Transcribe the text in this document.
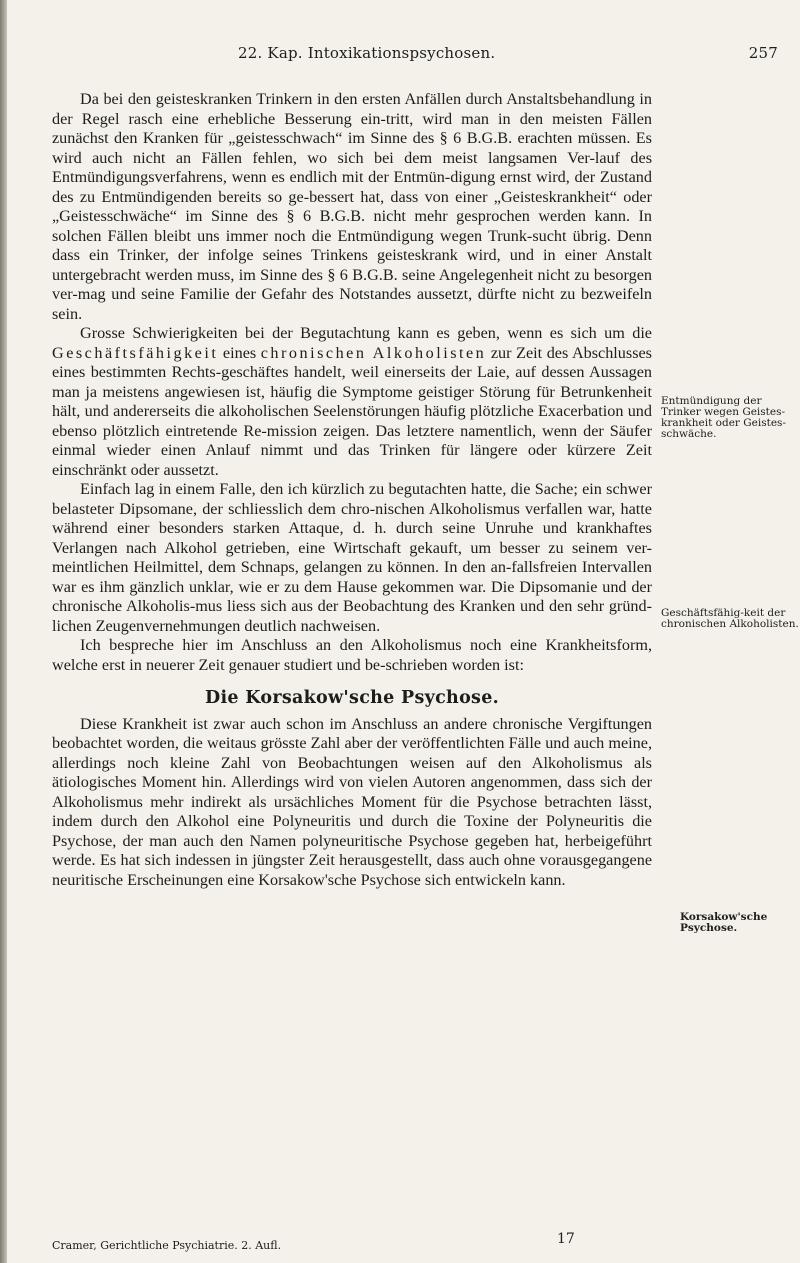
22. Kap. Intoxikationspsychosen.	257

Da bei den geisteskranken Trinkern in den ersten Anfällen durch Anstaltsbehandlung in der Regel rasch eine erhebliche Besserung ein-tritt, wird man in den meisten Fällen zunächst den Kranken für „geistesschwach“ im Sinne des § 6 B.G.B. erachten müssen. Es wird auch nicht an Fällen fehlen, wo sich bei dem meist langsamen Ver-lauf des Entmündigungsverfahrens, wenn es endlich mit der Entmün-digung ernst wird, der Zustand des zu Entmündigenden bereits so ge-bessert hat, dass von einer „Geisteskrankheit“ oder „Geistesschwäche“ im Sinne des § 6 B.G.B. nicht mehr gesprochen werden kann. In solchen Fällen bleibt uns immer noch die Entmündigung wegen Trunk-sucht übrig. Denn dass ein Trinker, der infolge seines Trinkens geisteskrank wird, und in einer Anstalt untergebracht werden muss, im Sinne des § 6 B.G.B. seine Angelegenheit nicht zu besorgen ver-mag und seine Familie der Gefahr des Notstandes aussetzt, dürfte nicht zu bezweifeln sein.

Grosse Schwierigkeiten bei der Begutachtung kann es geben, wenn es sich um die Geschäftsfähigkeit eines chronischen Alkoholisten zur Zeit des Abschlusses eines bestimmten Rechts-geschäftes handelt, weil einerseits der Laie, auf dessen Aussagen man ja meistens angewiesen ist, häufig die Symptome geistiger Störung für Betrunkenheit hält, und andererseits die alkoholischen Seelenstörungen häufig plötzliche Exacerbation und ebenso plötzlich eintretende Re-mission zeigen. Das letztere namentlich, wenn der Säufer einmal wieder einen Anlauf nimmt und das Trinken für längere oder kürzere Zeit einschränkt oder aussetzt.

Einfach lag in einem Falle, den ich kürzlich zu begutachten hatte, die Sache; ein schwer belasteter Dipsomane, der schliesslich dem chro-nischen Alkoholismus verfallen war, hatte während einer besonders starken Attaque, d. h. durch seine Unruhe und krankhaftes Verlangen nach Alkohol getrieben, eine Wirtschaft gekauft, um besser zu seinem ver-meintlichen Heilmittel, dem Schnaps, gelangen zu können. In den an-fallsfreien Intervallen war es ihm gänzlich unklar, wie er zu dem Hause gekommen war. Die Dipsomanie und der chronische Alkoholis-mus liess sich aus der Beobachtung des Kranken und den sehr gründ-lichen Zeugenvernehmungen deutlich nachweisen.

Ich bespreche hier im Anschluss an den Alkoholismus noch eine Krankheitsform, welche erst in neuerer Zeit genauer studiert und be-schrieben worden ist:

Die Korsakow'sche Psychose.

Diese Krankheit ist zwar auch schon im Anschluss an andere chronische Vergiftungen beobachtet worden, die weitaus grösste Zahl aber der veröffentlichten Fälle und auch meine, allerdings noch kleine Zahl von Beobachtungen weisen auf den Alkoholismus als ätiologisches Moment hin. Allerdings wird von vielen Autoren angenommen, dass sich der Alkoholismus mehr indirekt als ursächliches Moment für die Psychose betrachten lässt, indem durch den Alkohol eine Polyneuritis und durch die Toxine der Polyneuritis die Psychose, der man auch den Namen polyneuritische Psychose gegeben hat, herbeigeführt werde. Es hat sich indessen in jüngster Zeit herausgestellt, dass auch ohne vorausgegangene neuritische Erscheinungen eine Korsakow'sche Psychose sich entwickeln kann.

Entmündigung der Trinker wegen Geistes-krankheit oder Geistes-schwäche.
Geschäftsfähig-keit der chronischen Alkoholisten.
Korsakow'sche Psychose.
Cramer, Gerichtliche Psychiatrie. 2. Aufl.	17
